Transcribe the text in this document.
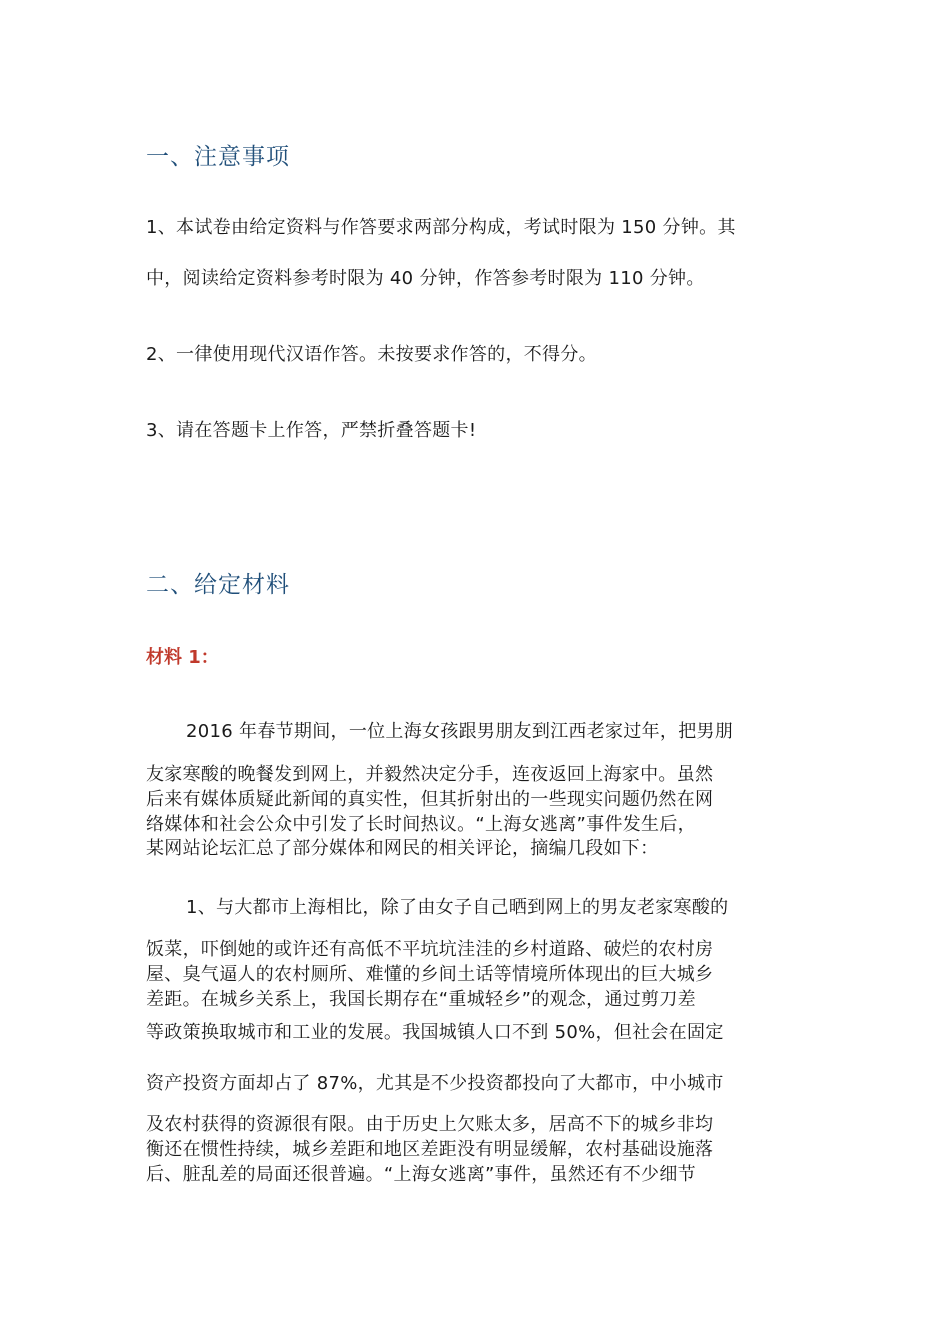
一、注意事项
1、本试卷由给定资料与作答要求两部分构成，考试时限为 150 分钟。其
中，阅读给定资料参考时限为 40 分钟，作答参考时限为 110 分钟。
2、一律使用现代汉语作答。未按要求作答的，不得分。
3、请在答题卡上作答，严禁折叠答题卡!
二、给定材料
材料 1：
2016 年春节期间，一位上海女孩跟男朋友到江西老家过年，把男朋
友家寒酸的晚餐发到网上，并毅然决定分手，连夜返回上海家中。虽然
后来有媒体质疑此新闻的真实性，但其折射出的一些现实问题仍然在网
络媒体和社会公众中引发了长时间热议。“上海女逃离”事件发生后，
某网站论坛汇总了部分媒体和网民的相关评论，摘编几段如下：
1、与大都市上海相比，除了由女子自己晒到网上的男友老家寒酸的
饭菜，吓倒她的或许还有高低不平坑坑洼洼的乡村道路、破烂的农村房
屋、臭气逼人的农村厕所、难懂的乡间土话等情境所体现出的巨大城乡
差距。在城乡关系上，我国长期存在“重城轻乡”的观念，通过剪刀差
等政策换取城市和工业的发展。我国城镇人口不到 50%，但社会在固定
资产投资方面却占了 87%，尤其是不少投资都投向了大都市，中小城市
及农村获得的资源很有限。由于历史上欠账太多，居高不下的城乡非均
衡还在惯性持续，城乡差距和地区差距没有明显缓解，农村基础设施落
后、脏乱差的局面还很普遍。“上海女逃离”事件，虽然还有不少细节
